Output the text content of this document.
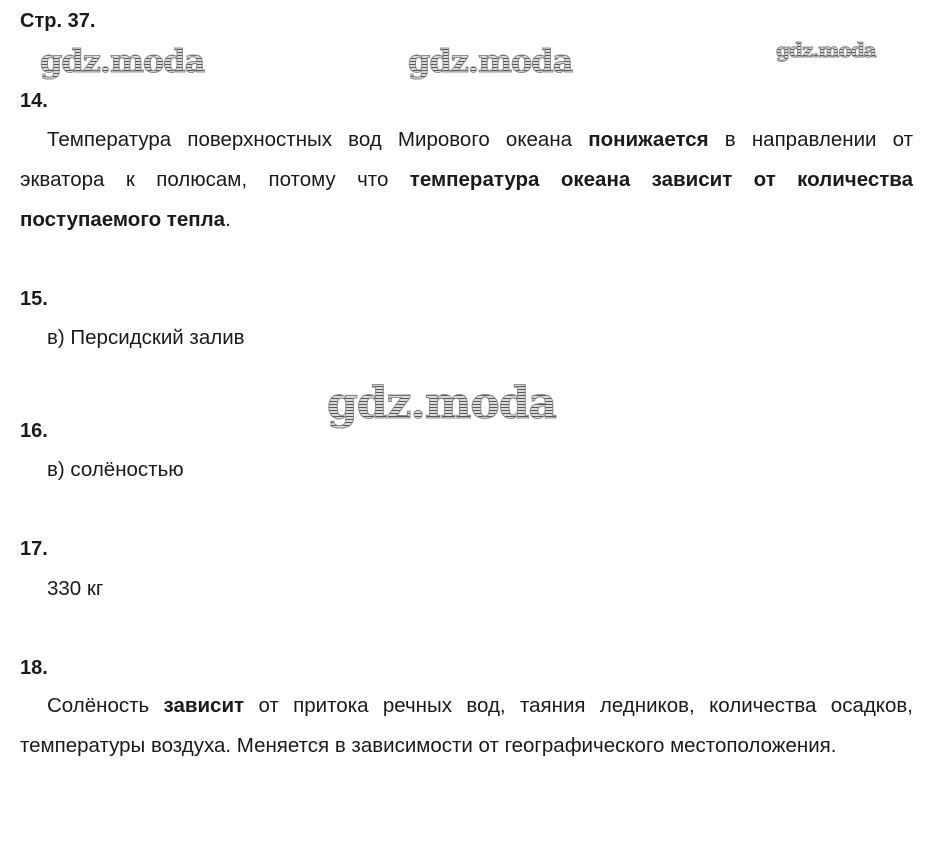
Стр. 37.
gdz.moda	gdz.moda	gdz.moda
14.

Температура поверхностных вод Мирового океана понижается в направлении от экватора к полюсам, потому что температура океана зависит от количества поступаемого тепла.

15.
в) Персидский залив
gdz.moda
16.
в) солёностью
17.
330 кг
18.

Солёность зависит от притока речных вод, таяния ледников, количества осадков, температуры воздуха. Меняется в зависимости от географического местоположения.
